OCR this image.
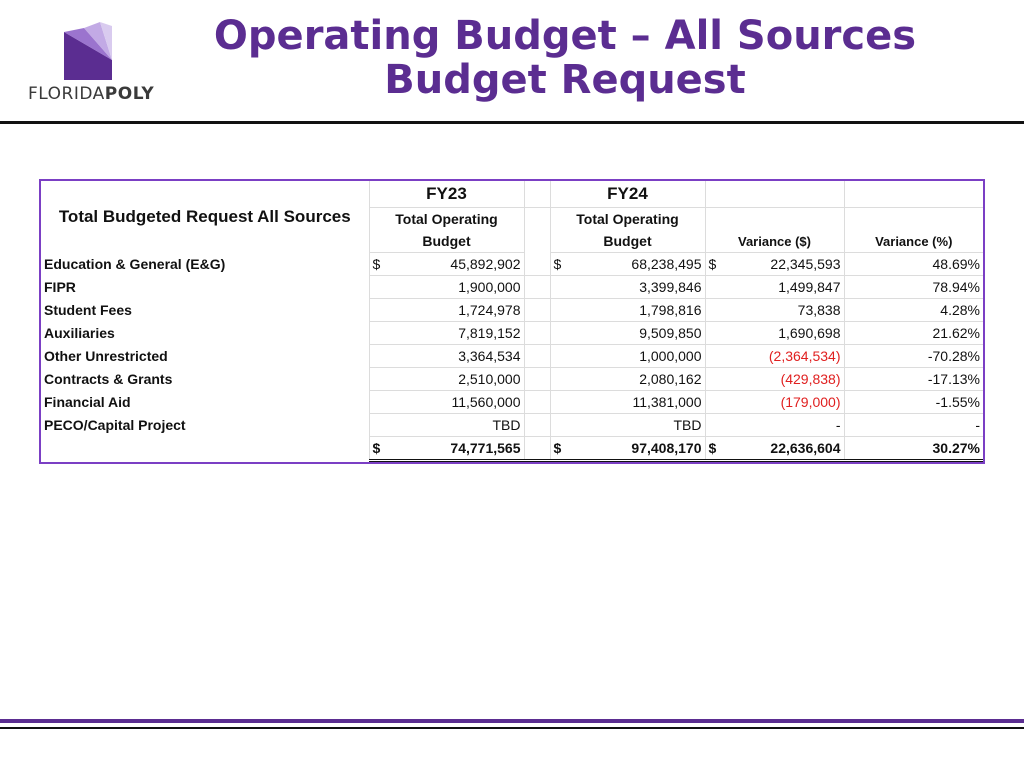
FLORIDAPOLY
Operating Budget – All Sources
Budget Request
Total Budgeted Request All Sources	FY23		FY24		
	Total Operating		Total Operating	Variance ($)	Variance (%)
	Budget		Budget		
Education & General (E&G)	$ 45,892,902		$ 68,238,495	$ 22,345,593	48.69%
FIPR	1,900,000		3,399,846	1,499,847	78.94%
Student Fees	1,724,978		1,798,816	73,838	4.28%
Auxiliaries	7,819,152		9,509,850	1,690,698	21.62%
Other Unrestricted	3,364,534		1,000,000	(2,364,534)	-70.28%
Contracts & Grants	2,510,000		2,080,162	(429,838)	-17.13%
Financial Aid	11,560,000		11,381,000	(179,000)	-1.55%
PECO/Capital Project	TBD		TBD	-	-

	$ 74,771,565		$ 97,408,170	$ 22,636,604	30.27%
